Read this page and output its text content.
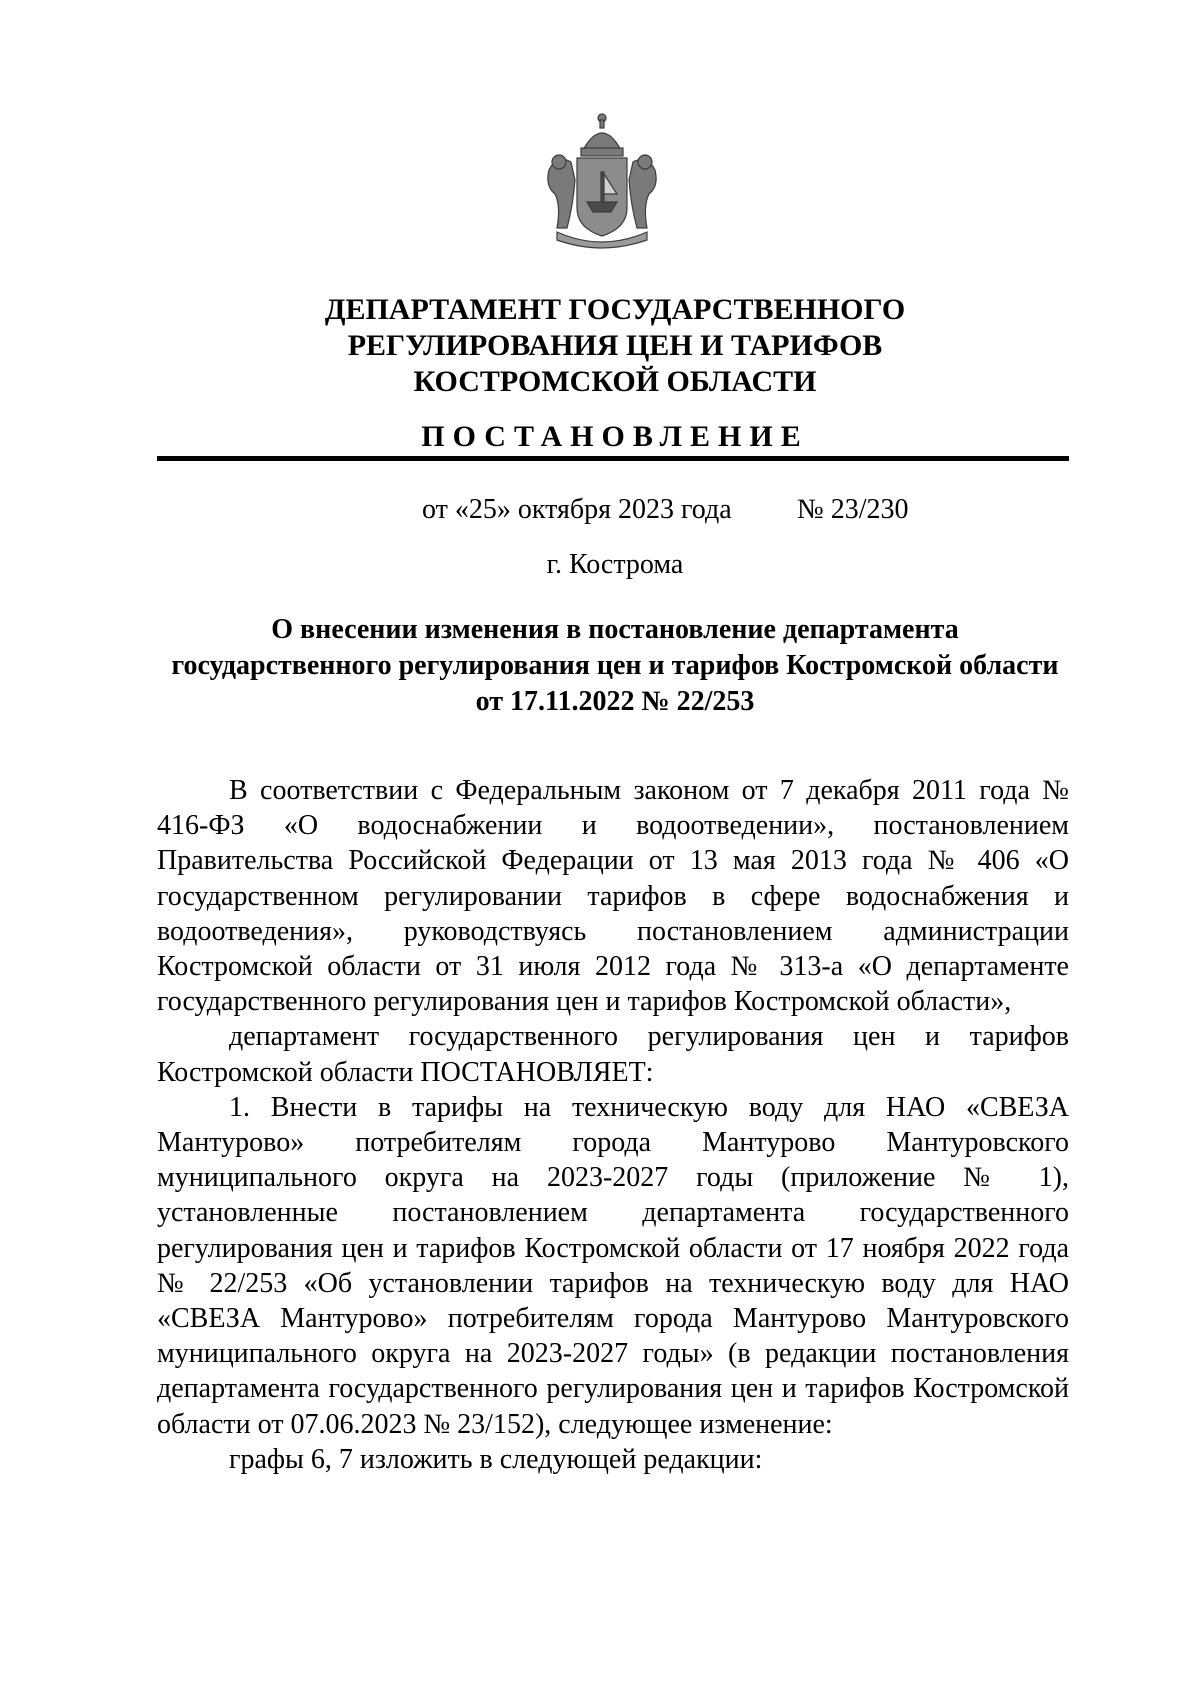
ДЕПАРТАМЕНТ ГОСУДАРСТВЕННОГО
РЕГУЛИРОВАНИЯ ЦЕН И ТАРИФОВ
КОСТРОМСКОЙ ОБЛАСТИ
ПОСТАНОВЛЕНИЕ
от «25» октября 2023 года № 23/230
г. Кострома
О внесении изменения в постановление департамента
государственного регулирования цен и тарифов Костромской области
от 17.11.2022 № 22/253

В соответствии с Федеральным законом от 7 декабря 2011 года № 416-ФЗ «О водоснабжении и водоотведении», постановлением Правительства Российской Федерации от 13 мая 2013 года № 406 «О государственном регулировании тарифов в сфере водоснабжения и водоотведения», руководствуясь постановлением администрации Костромской области от 31 июля 2012 года № 313-а «О департаменте государственного регулирования цен и тарифов Костромской области»,

департамент государственного регулирования цен и тарифов Костромской области ПОСТАНОВЛЯЕТ:

1. Внести в тарифы на техническую воду для НАО «СВЕЗА Мантурово» потребителям города Мантурово Мантуровского муниципального округа на 2023-2027 годы (приложение № 1), установленные постановлением департамента государственного регулирования цен и тарифов Костромской области от 17 ноября 2022 года № 22/253 «Об установлении тарифов на техническую воду для НАО «СВЕЗА Мантурово» потребителям города Мантурово Мантуровского муниципального округа на 2023-2027 годы» (в редакции постановления департамента государственного регулирования цен и тарифов Костромской области от 07.06.2023 № 23/152), следующее изменение:

графы 6, 7 изложить в следующей редакции:
